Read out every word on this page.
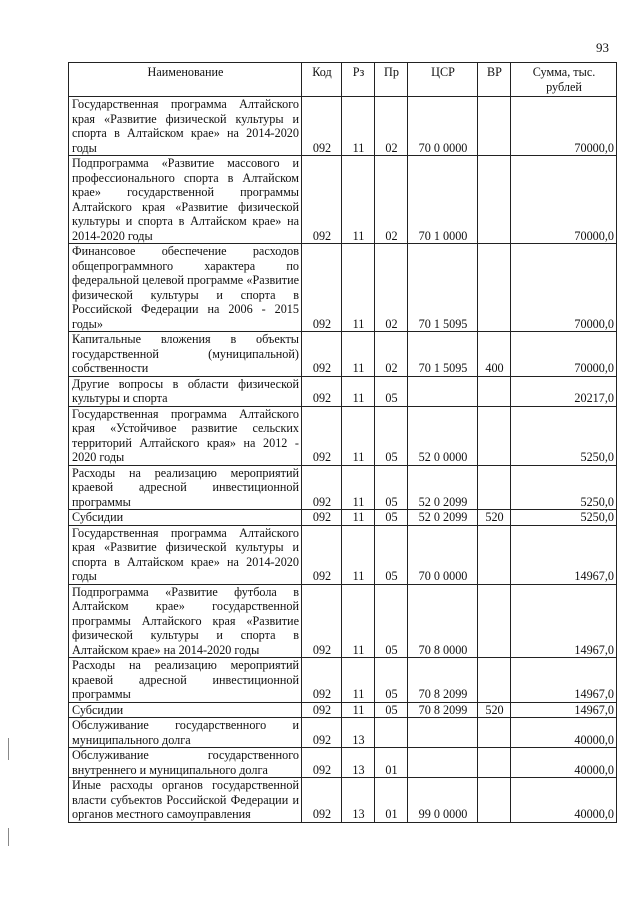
93
Наименование	Код	Рз	Пр	ЦСР	ВР	Сумма, тыс. рублей
Государственная программа Алтайского края «Развитие физической культуры и спорта в Алтайском крае» на 2014-2020 годы	092	11	02	70 0 0000		70000,0
Подпрограмма «Развитие массового и профессионального спорта в Алтайском крае» государственной программы Алтайского края «Развитие физической культуры и спорта в Алтайском крае» на 2014-2020 годы	092	11	02	70 1 0000		70000,0
Финансовое обеспечение расходов общепрограммного характера по федеральной целевой программе «Развитие физической культуры и спорта в Российской Федерации на 2006 - 2015 годы»	092	11	02	70 1 5095		70000,0
Капитальные вложения в объекты государственной (муниципальной) собственности	092	11	02	70 1 5095	400	70000,0
Другие вопросы в области физической культуры и спорта	092	11	05			20217,0
Государственная программа Алтайского края «Устойчивое развитие сельских территорий Алтайского края» на 2012 - 2020 годы	092	11	05	52 0 0000		5250,0
Расходы на реализацию мероприятий краевой адресной инвестиционной программы	092	11	05	52 0 2099		5250,0
Субсидии	092	11	05	52 0 2099	520	5250,0
Государственная программа Алтайского края «Развитие физической культуры и спорта в Алтайском крае» на 2014-2020 годы	092	11	05	70 0 0000		14967,0
Подпрограмма «Развитие футбола в Алтайском крае» государственной программы Алтайского края «Развитие физической культуры и спорта в Алтайском крае» на 2014-2020 годы	092	11	05	70 8 0000		14967,0
Расходы на реализацию мероприятий краевой адресной инвестиционной программы	092	11	05	70 8 2099		14967,0
Субсидии	092	11	05	70 8 2099	520	14967,0
Обслуживание государственного и муниципального долга	092	13				40000,0
Обслуживание государственного внутреннего и муниципального долга	092	13	01			40000,0
Иные расходы органов государственной власти субъектов Российской Федерации и органов местного самоуправления	092	13	01	99 0 0000		40000,0
